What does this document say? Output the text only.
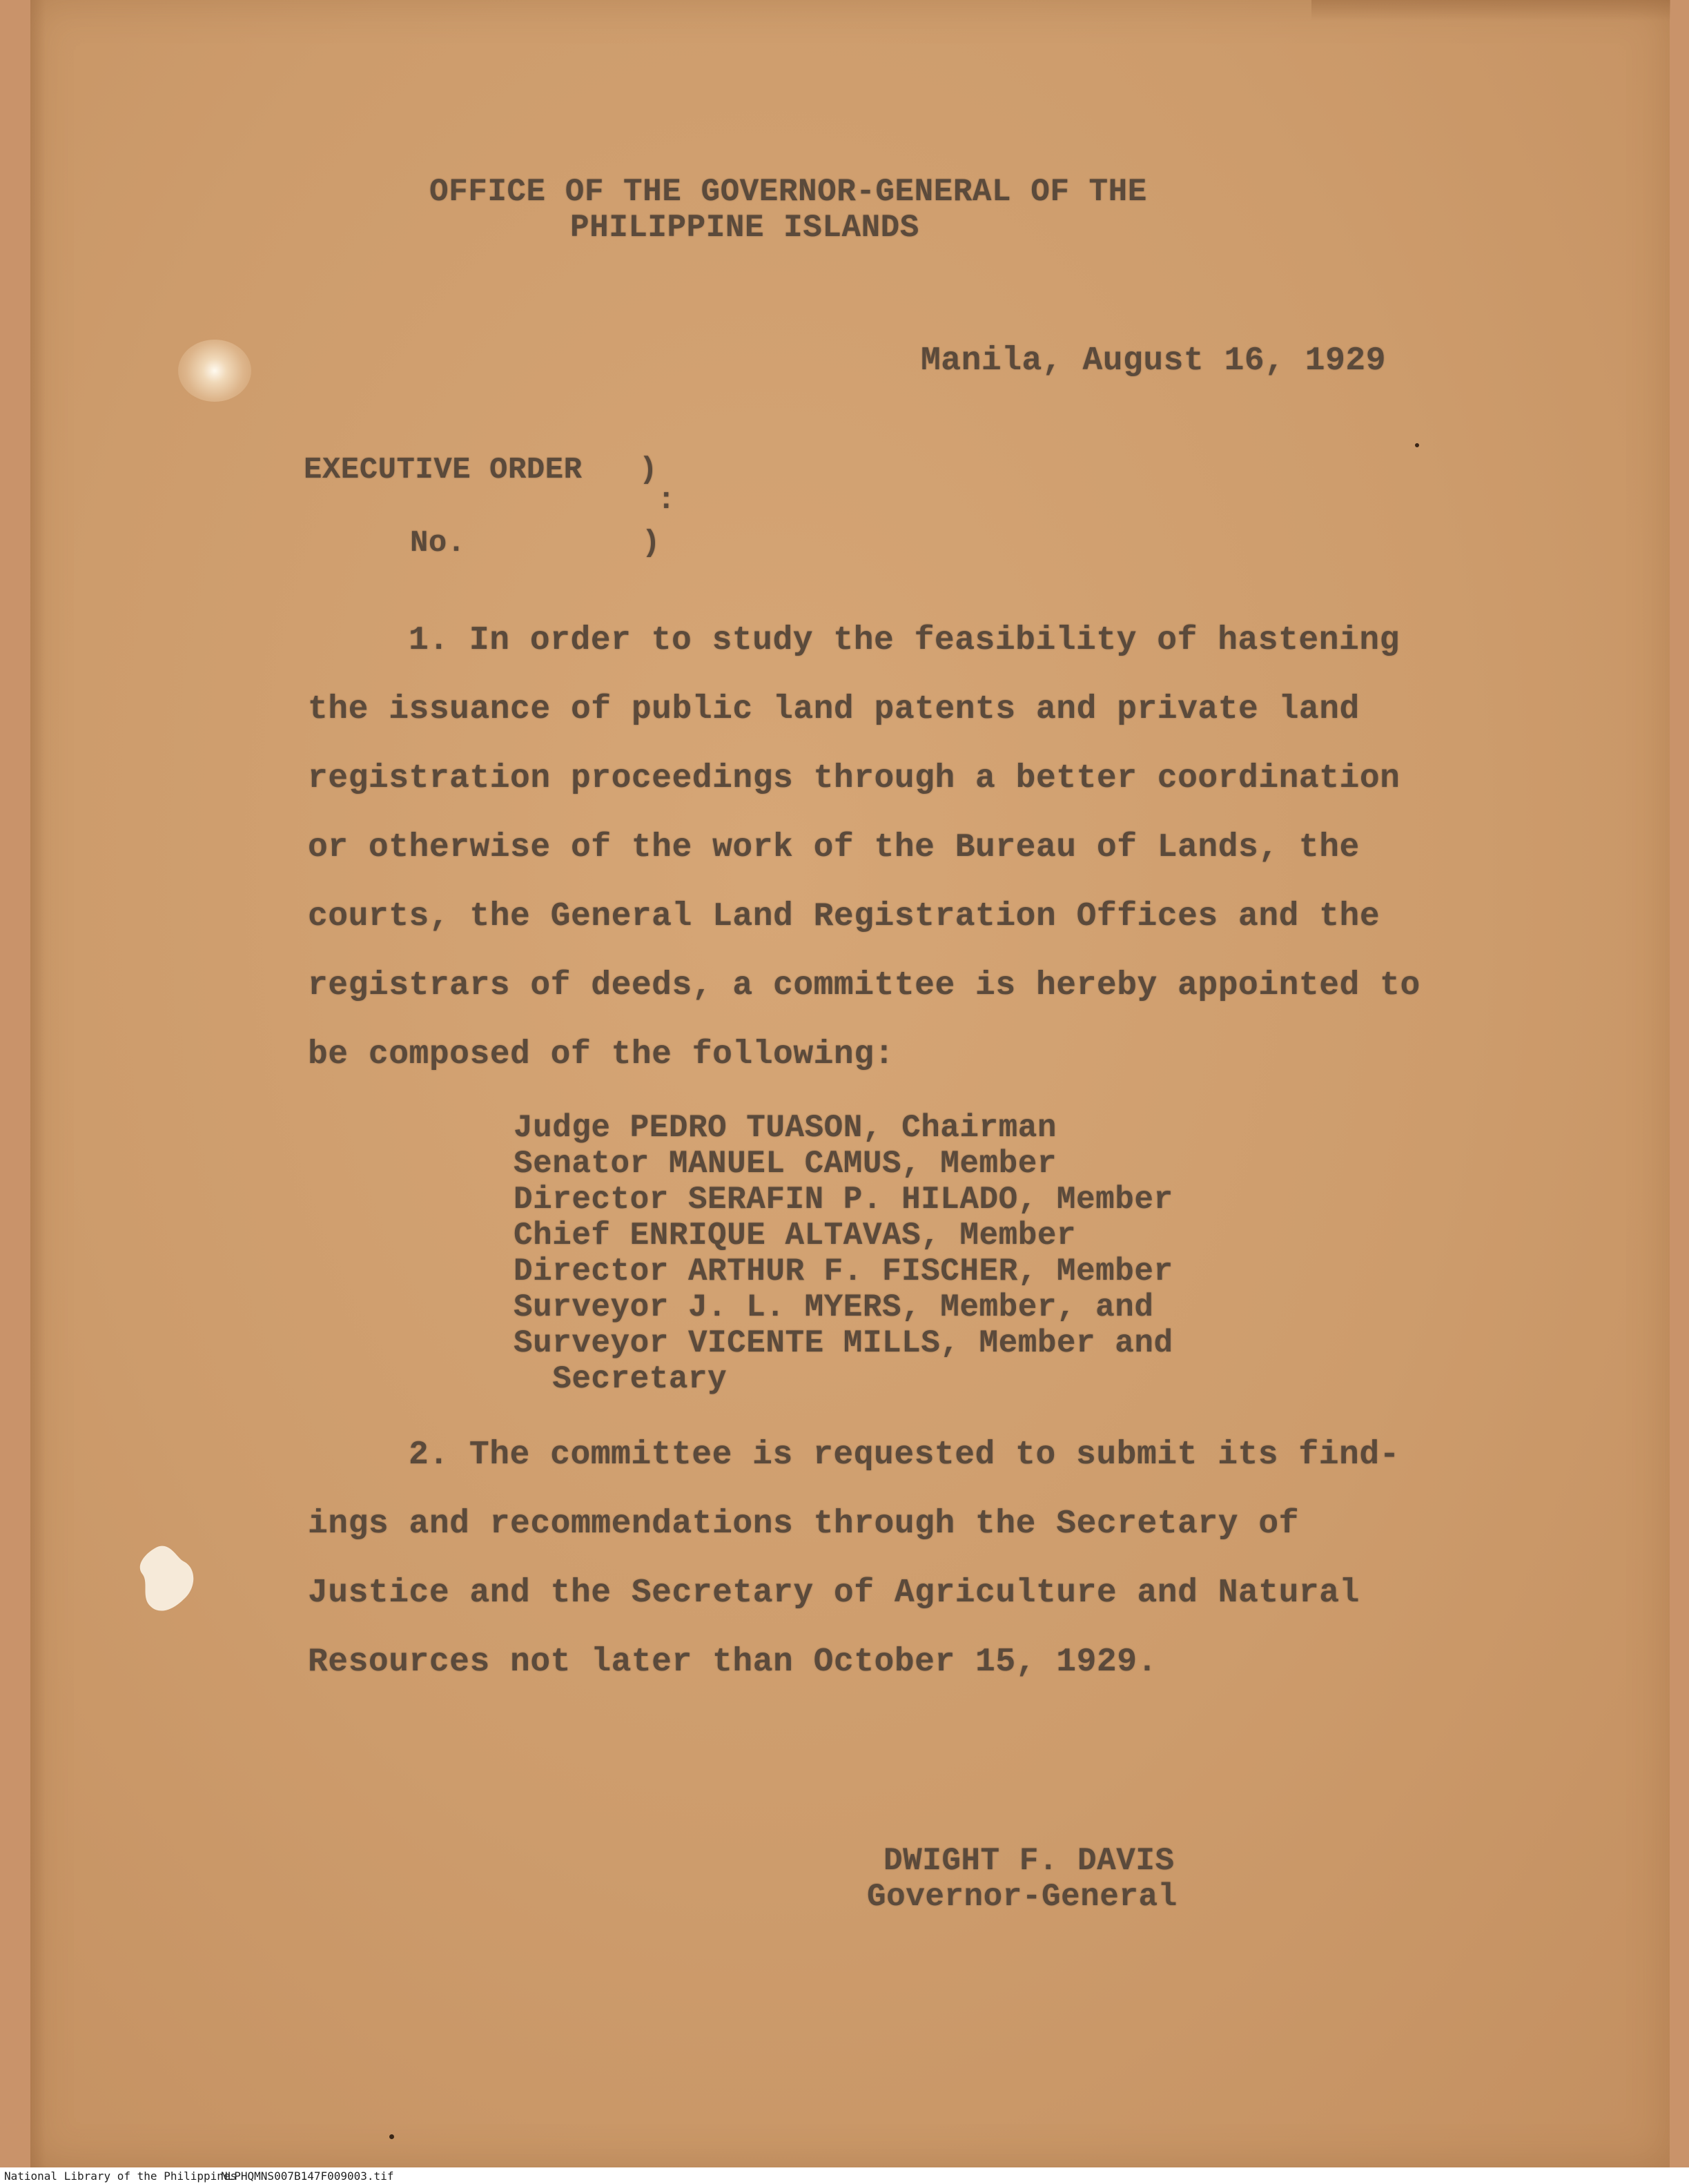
OFFICE OF THE GOVERNOR-GENERAL OF THE
PHILIPPINE ISLANDS
Manila, August 16, 1929
EXECUTIVE ORDER )
:
No.	)
1. In order to study the feasibility of hastening
the issuance of public land patents and private land
registration proceedings through a better coordination
or otherwise of the work of the Bureau of Lands, the
courts, the General Land Registration Offices and the
registrars of deeds, a committee is hereby appointed to
be composed of the following:
Judge PEDRO TUASON, Chairman
Senator MANUEL CAMUS, Member
Director SERAFIN P. HILADO, Member
Chief ENRIQUE ALTAVAS, Member
Director ARTHUR F. FISCHER, Member
Surveyor J. L. MYERS, Member, and
Surveyor VICENTE MILLS, Member and
Secretary
2. The committee is requested to submit its find-
ings and recommendations through the Secretary of
Justice and the Secretary of Agriculture and Natural
Resources not later than October 15, 1929.
DWIGHT F. DAVIS
Governor-General
National Library of the Philippines
NLPHQMNS007B147F009003.tif
